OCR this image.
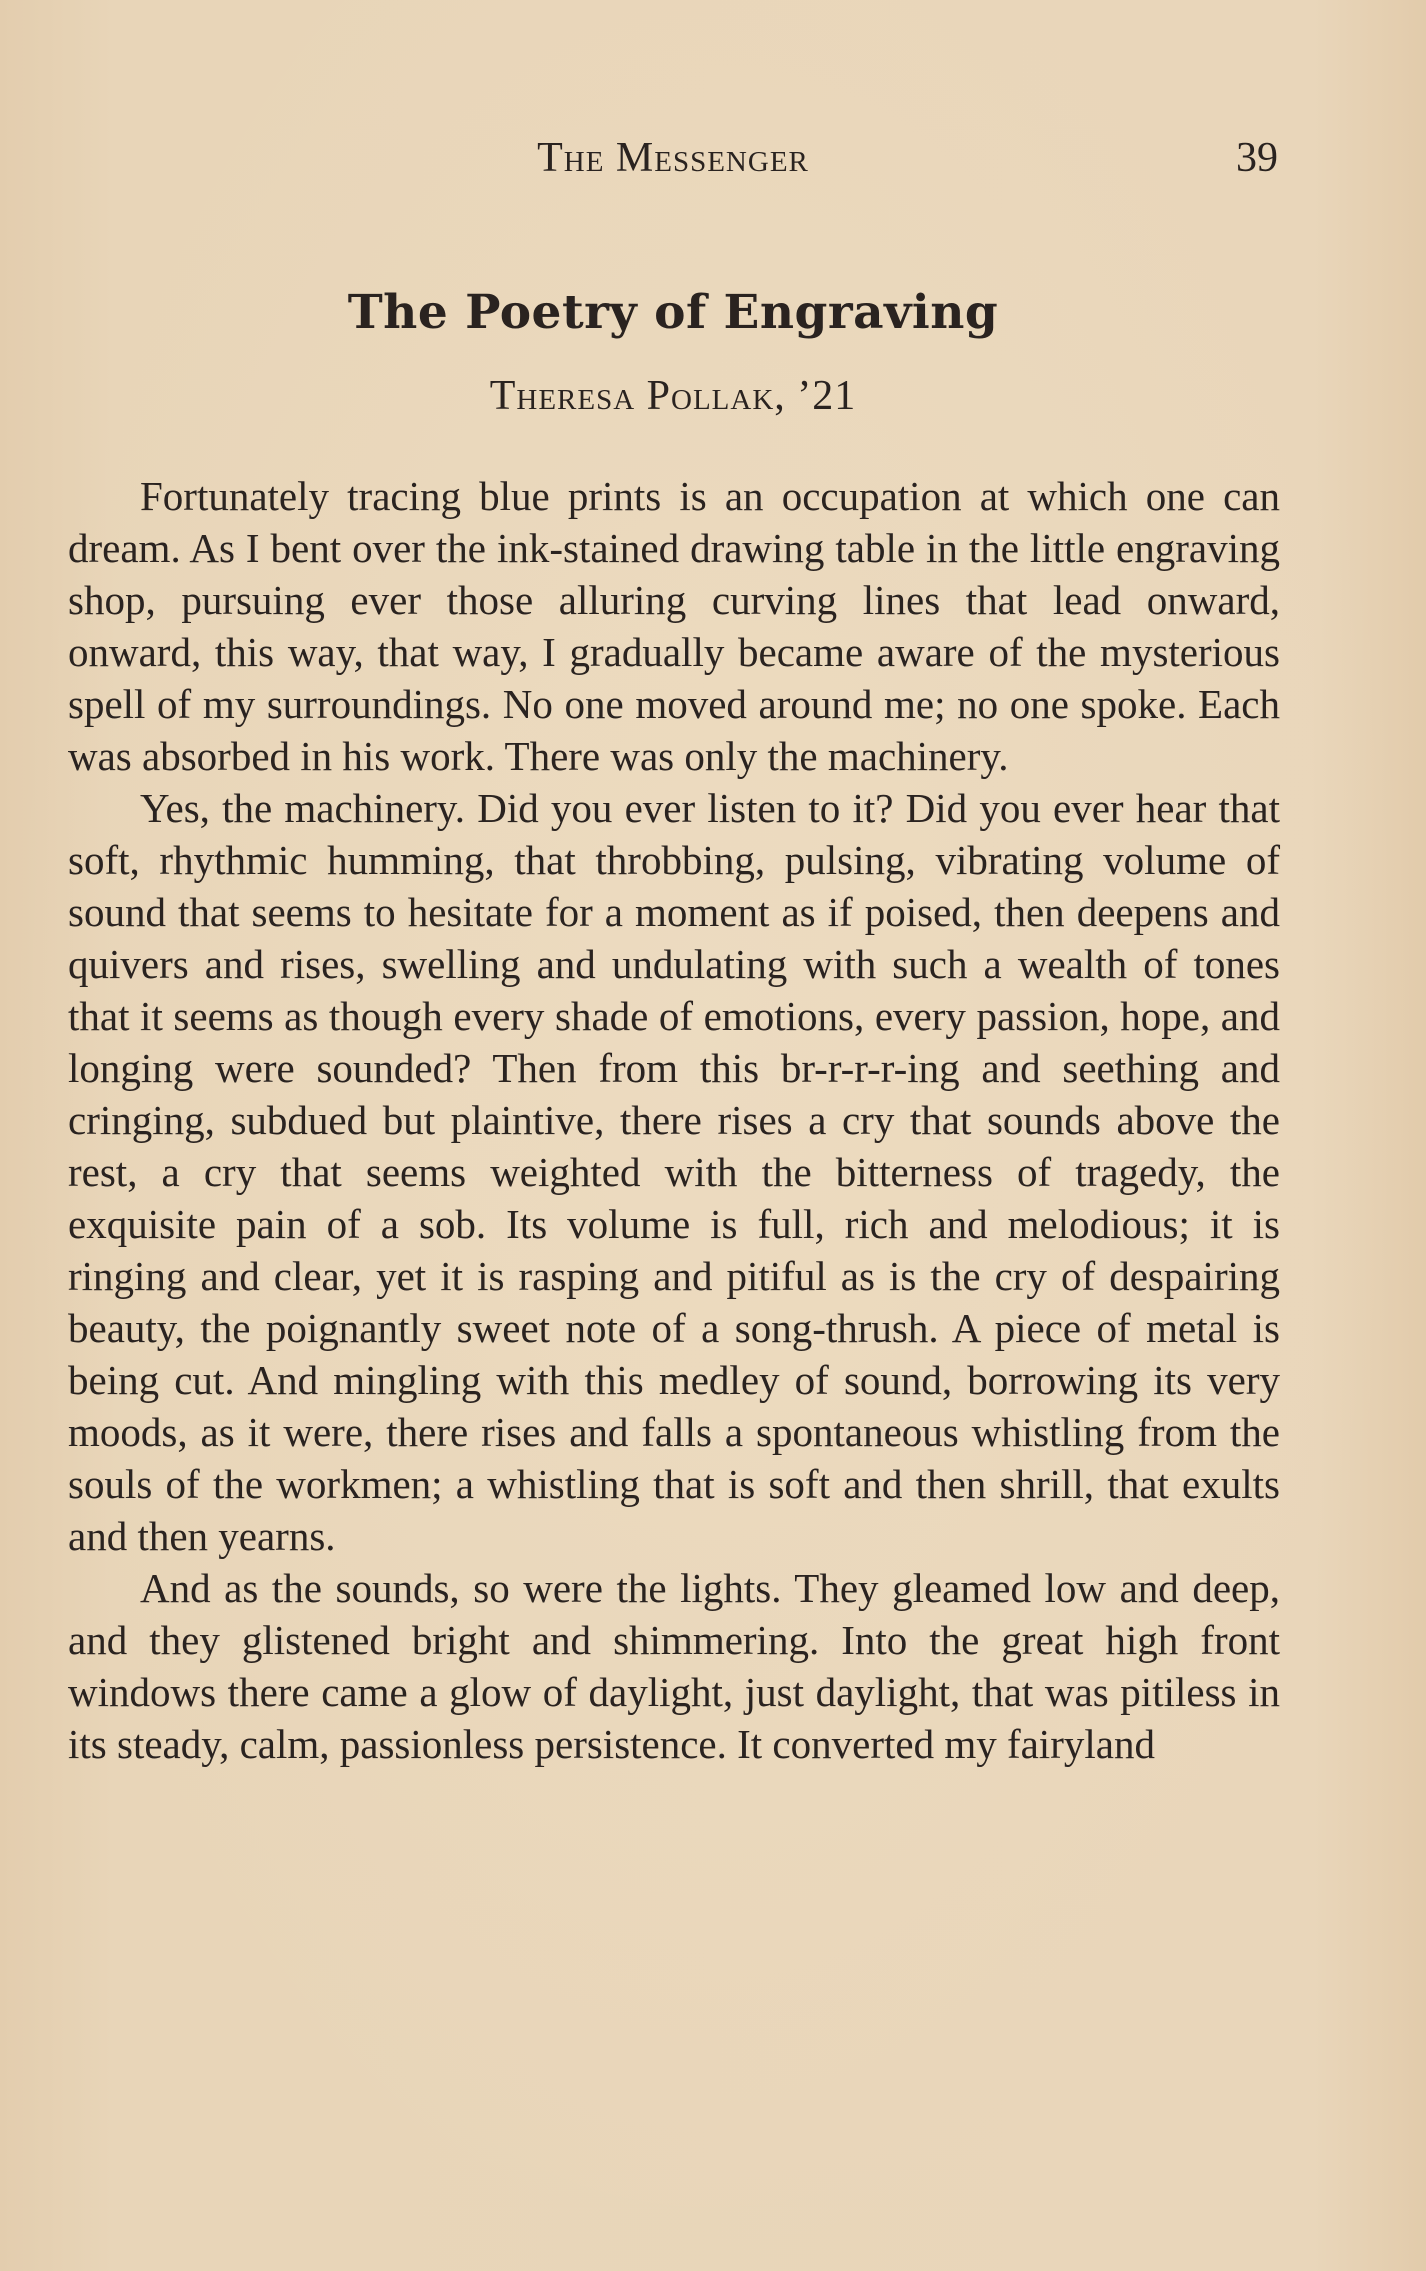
The Messenger	39
The Poetry of Engraving
Theresa Pollak, ’21

Fortunately tracing blue prints is an occupation at which one can dream. As I bent over the ink-stained drawing table in the little engraving shop, pursuing ever those alluring curving lines that lead onward, onward, this way, that way, I gradually became aware of the mysterious spell of my surroundings. No one moved around me; no one spoke. Each was absorbed in his work. There was only the machinery.

Yes, the machinery. Did you ever listen to it? Did you ever hear that soft, rhythmic humming, that throbbing, pulsing, vibrating volume of sound that seems to hesitate for a moment as if poised, then deepens and quivers and rises, swelling and undulating with such a wealth of tones that it seems as though every shade of emotions, every passion, hope, and longing were sounded? Then from this br-r-r-r-ing and seething and cringing, subdued but plaintive, there rises a cry that sounds above the rest, a cry that seems weighted with the bitterness of tragedy, the exquisite pain of a sob. Its volume is full, rich and melodious; it is ringing and clear, yet it is rasping and pitiful as is the cry of despairing beauty, the poignantly sweet note of a song-thrush. A piece of metal is being cut. And mingling with this medley of sound, borrowing its very moods, as it were, there rises and falls a spontaneous whistling from the souls of the workmen; a whistling that is soft and then shrill, that exults and then yearns.

And as the sounds, so were the lights. They gleamed low and deep, and they glistened bright and shimmering. Into the great high front windows there came a glow of daylight, just daylight, that was pitiless in its steady, calm, passionless persistence. It converted my fairyland
